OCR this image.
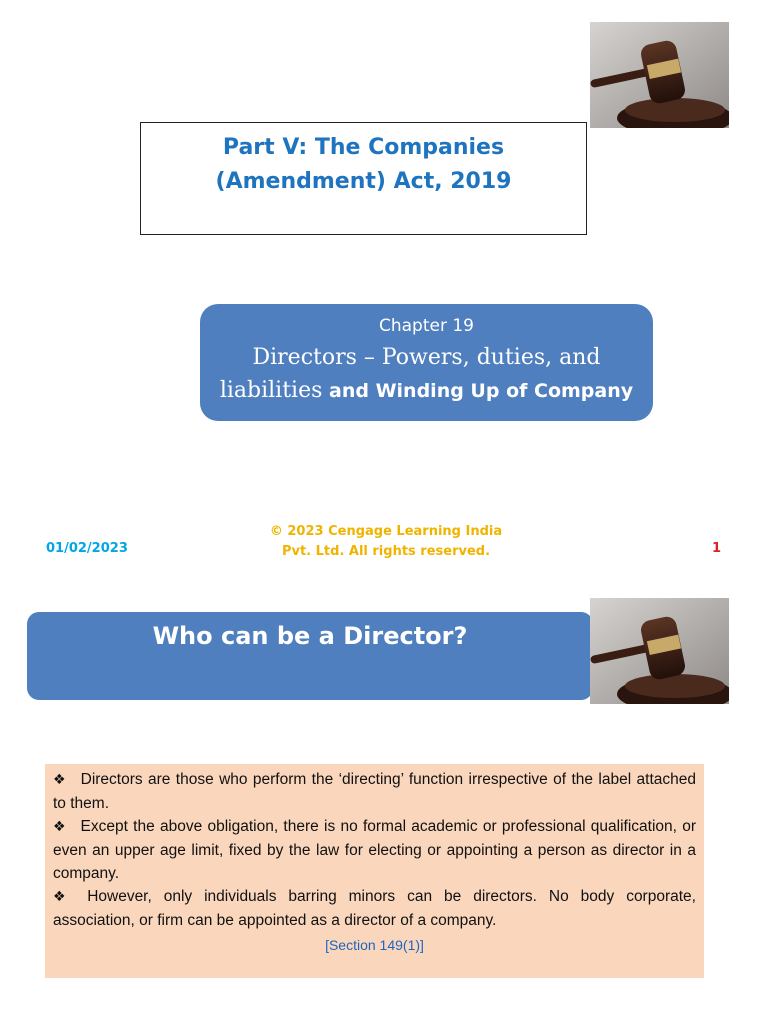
Part V: The Companies
(Amendment) Act, 2019
Chapter 19
Directors – Powers, duties, and
liabilities and Winding Up of Company
01/02/2023
© 2023 Cengage Learning India
Pvt. Ltd. All rights reserved.	1
Who can be a Director?

❖ Directors are those who perform the ‘directing’ function irrespective of the label attached to them.

❖ Except the above obligation, there is no formal academic or professional qualification, or even an upper age limit, fixed by the law for electing or appointing a person as director in a company.

❖ However, only individuals barring minors can be directors. No body corporate, association, or firm can be appointed as a director of a company.

[Section 149(1)]
